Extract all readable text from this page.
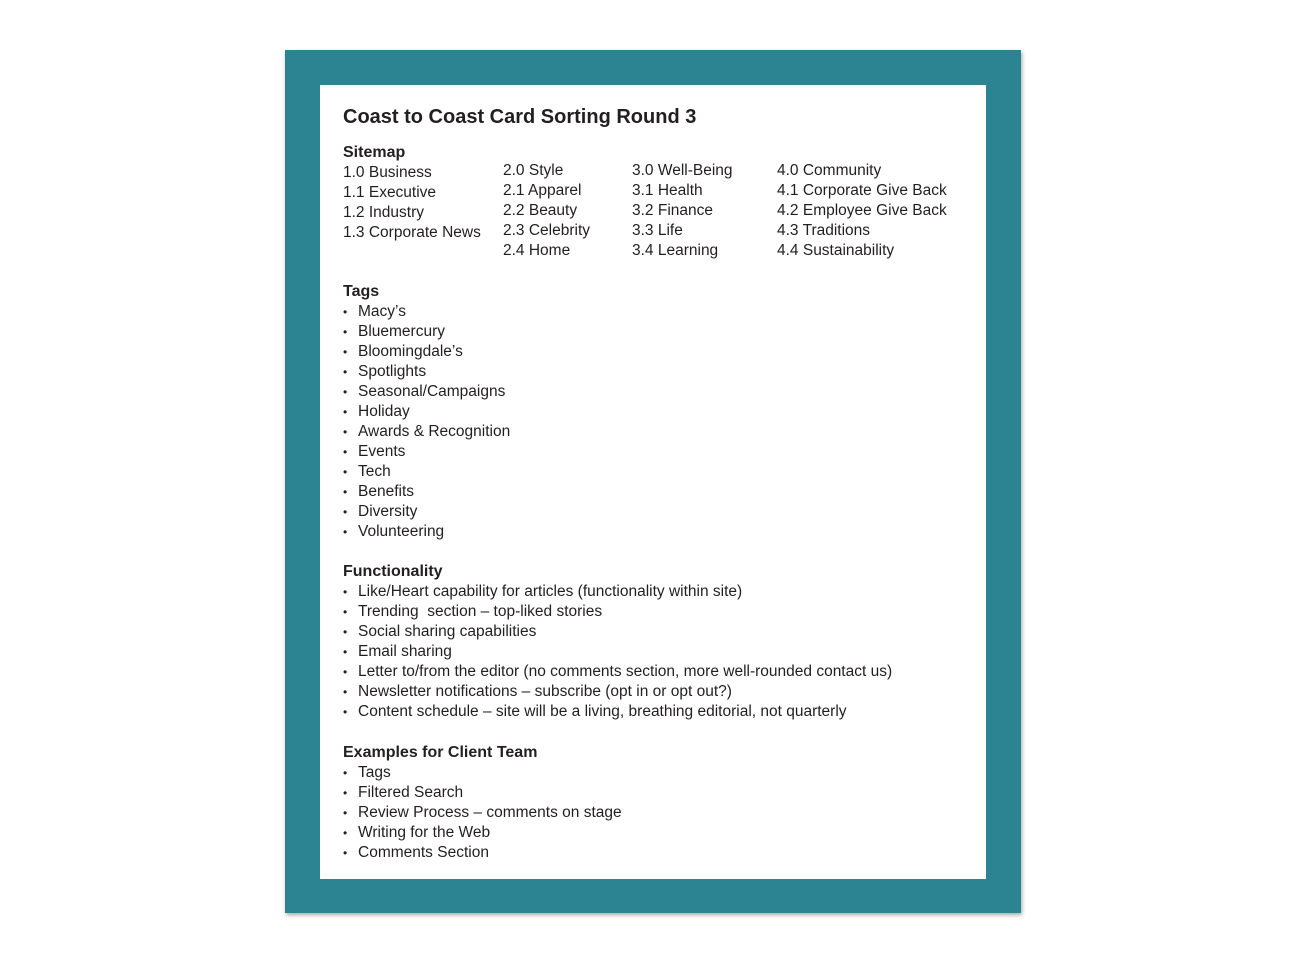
Coast to Coast Card Sorting Round 3
Sitemap
1.0 Business
1.1 Executive
1.2 Industry
1.3 Corporate News
2.0 Style
2.1 Apparel
2.2 Beauty
2.3 Celebrity
2.4 Home
3.0 Well-Being
3.1 Health
3.2 Finance
3.3 Life
3.4 Learning
4.0 Community
4.1 Corporate Give Back
4.2 Employee Give Back
4.3 Traditions
4.4 Sustainability
Tags
• Macy’s
• Bluemercury
• Bloomingdale’s
• Spotlights
• Seasonal/Campaigns
• Holiday
• Awards & Recognition
• Events
• Tech
• Benefits
• Diversity
• Volunteering
Functionality
• Like/Heart capability for articles (functionality within site)
• Trending  section – top-liked stories
• Social sharing capabilities
• Email sharing
• Letter to/from the editor (no comments section, more well-rounded contact us)
• Newsletter notifications – subscribe (opt in or opt out?)
• Content schedule – site will be a living, breathing editorial, not quarterly
Examples for Client Team
• Tags
• Filtered Search
• Review Process – comments on stage
• Writing for the Web
• Comments Section
